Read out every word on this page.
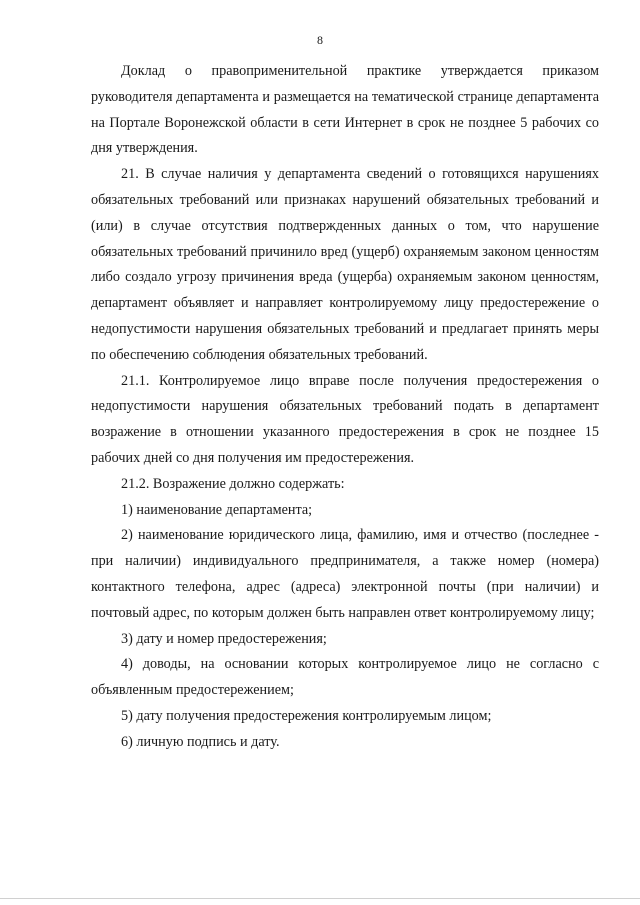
8

Доклад о правоприменительной практике утверждается приказом руководителя департамента и размещается на тематической странице департамента на Портале Воронежской области в сети Интернет в срок не позднее 5 рабочих со дня утверждения.

21. В случае наличия у департамента сведений о готовящихся нарушениях обязательных требований или признаках нарушений обязательных требований и (или) в случае отсутствия подтвержденных данных о том, что нарушение обязательных требований причинило вред (ущерб) охраняемым законом ценностям либо создало угрозу причинения вреда (ущерба) охраняемым законом ценностям, департамент объявляет и направляет контролируемому лицу предостережение о недопустимости нарушения обязательных требований и предлагает принять меры по обеспечению соблюдения обязательных требований.

21.1. Контролируемое лицо вправе после получения предостережения о недопустимости нарушения обязательных требований подать в департамент возражение в отношении указанного предостережения в срок не позднее 15 рабочих дней со дня получения им предостережения.

21.2. Возражение должно содержать:

1) наименование департамента;

2) наименование юридического лица, фамилию, имя и отчество (последнее - при наличии) индивидуального предпринимателя, а также номер (номера) контактного телефона, адрес (адреса) электронной почты (при наличии) и почтовый адрес, по которым должен быть направлен ответ контролируемому лицу;

3) дату и номер предостережения;

4) доводы, на основании которых контролируемое лицо не согласно с объявленным предостережением;

5) дату получения предостережения контролируемым лицом;

6) личную подпись и дату.
